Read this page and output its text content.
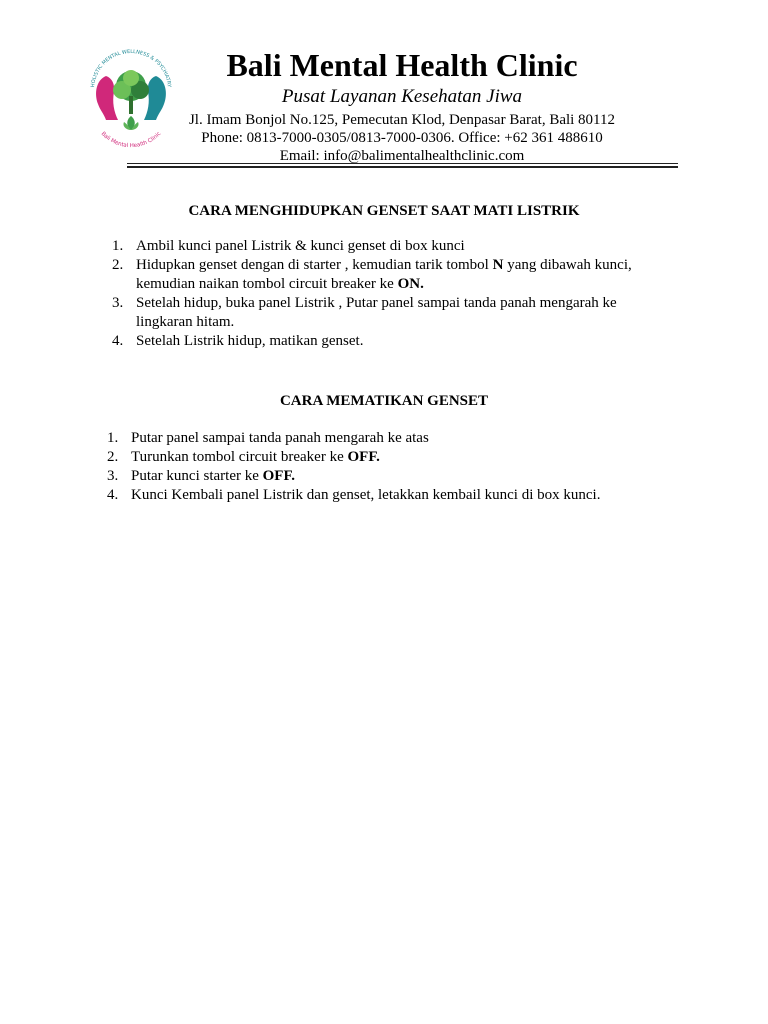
HOLISTIC MENTAL WELLNESS & PSYCHIATRY
Bali Mental Health Clinic
Bali Mental Health Clinic
Pusat Layanan Kesehatan Jiwa
Jl. Imam Bonjol No.125, Pemecutan Klod, Denpasar Barat, Bali 80112
Phone: 0813-7000-0305/0813-7000-0306. Office: +62 361 488610
Email: info@balimentalhealthclinic.com
CARA MENGHIDUPKAN GENSET SAAT MATI LISTRIK
1. Ambil kunci panel Listrik & kunci genset di box kunci
2. Hidupkan genset dengan di starter , kemudian tarik tombol N yang dibawah kunci,
kemudian naikan tombol circuit breaker ke ON.
3. Setelah hidup, buka panel Listrik , Putar panel sampai tanda panah mengarah ke
lingkaran hitam.
4. Setelah Listrik hidup, matikan genset.
CARA MEMATIKAN GENSET
1. Putar panel sampai tanda panah mengarah ke atas
2. Turunkan tombol circuit breaker ke OFF.
3. Putar kunci starter ke OFF.
4. Kunci Kembali panel Listrik dan genset, letakkan kembail kunci di box kunci.
